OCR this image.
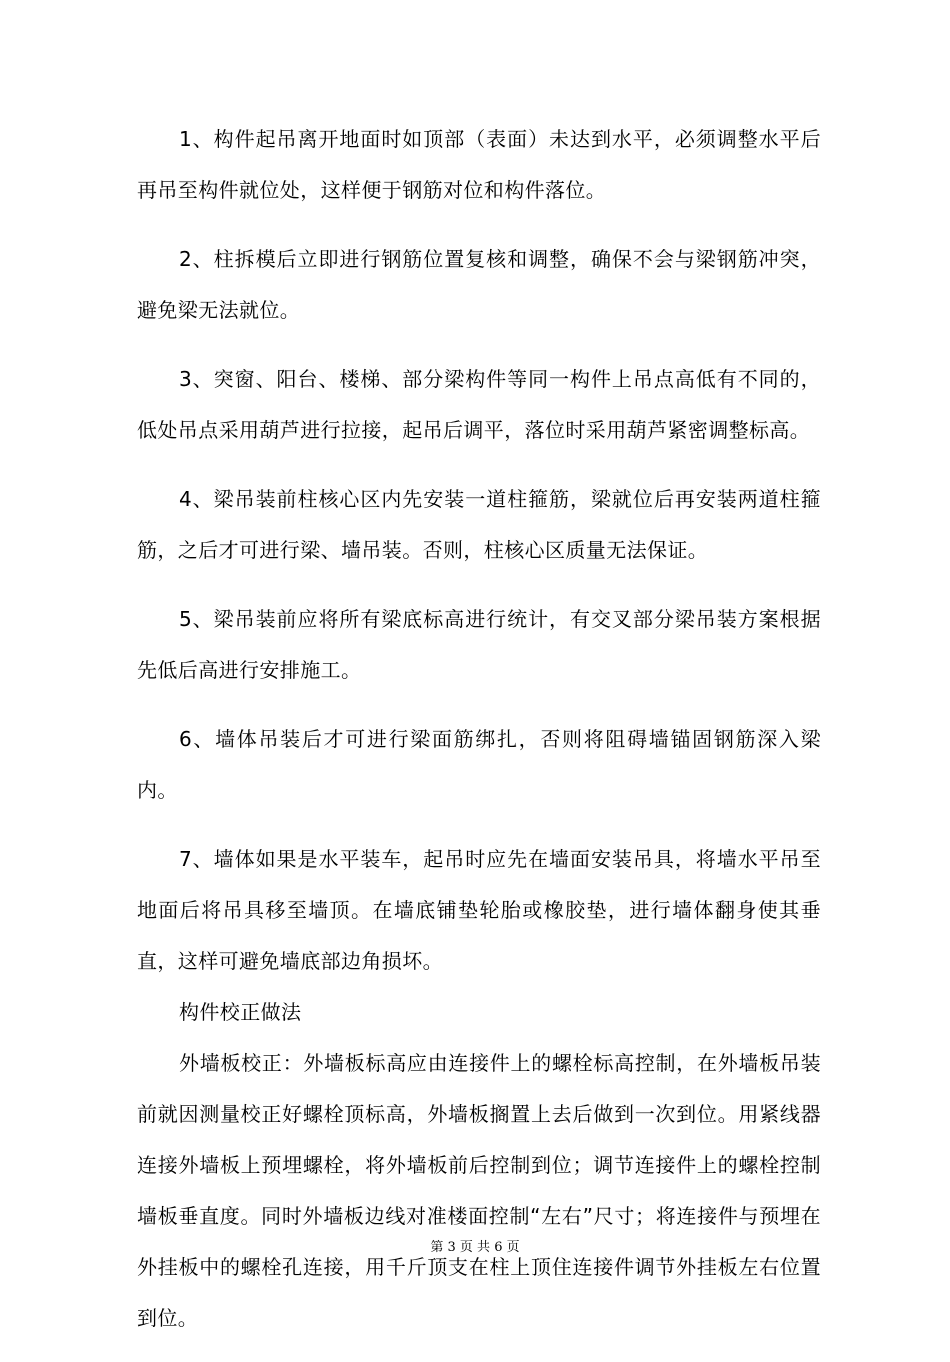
1、构件起吊离开地面时如顶部（表面）未达到水平，必须调整水平后再吊至构件就位处，这样便于钢筋对位和构件落位。

2、柱拆模后立即进行钢筋位置复核和调整，确保不会与梁钢筋冲突，避免梁无法就位。

3、突窗、阳台、楼梯、部分梁构件等同一构件上吊点高低有不同的，低处吊点采用葫芦进行拉接，起吊后调平，落位时采用葫芦紧密调整标高。

4、梁吊装前柱核心区内先安装一道柱箍筋，梁就位后再安装两道柱箍筋，之后才可进行梁、墙吊装。否则，柱核心区质量无法保证。

5、梁吊装前应将所有梁底标高进行统计，有交叉部分梁吊装方案根据先低后高进行安排施工。

6、墙体吊装后才可进行梁面筋绑扎，否则将阻碍墙锚固钢筋深入梁内。

7、墙体如果是水平装车，起吊时应先在墙面安装吊具，将墙水平吊至地面后将吊具移至墙顶。在墙底铺垫轮胎或橡胶垫，进行墙体翻身使其垂直，这样可避免墙底部边角损坏。

构件校正做法

外墙板校正：外墙板标高应由连接件上的螺栓标高控制，在外墙板吊装前就因测量校正好螺栓顶标高，外墙板搁置上去后做到一次到位。用紧线器连接外墙板上预埋螺栓，将外墙板前后控制到位；调节连接件上的螺栓控制墙板垂直度。同时外墙板边线对准楼面控制“左右”尺寸；将连接件与预埋在外挂板中的螺栓孔连接，用千斤顶支在柱上顶住连接件调节外挂板左右位置到位。

第 3 页 共 6 页
